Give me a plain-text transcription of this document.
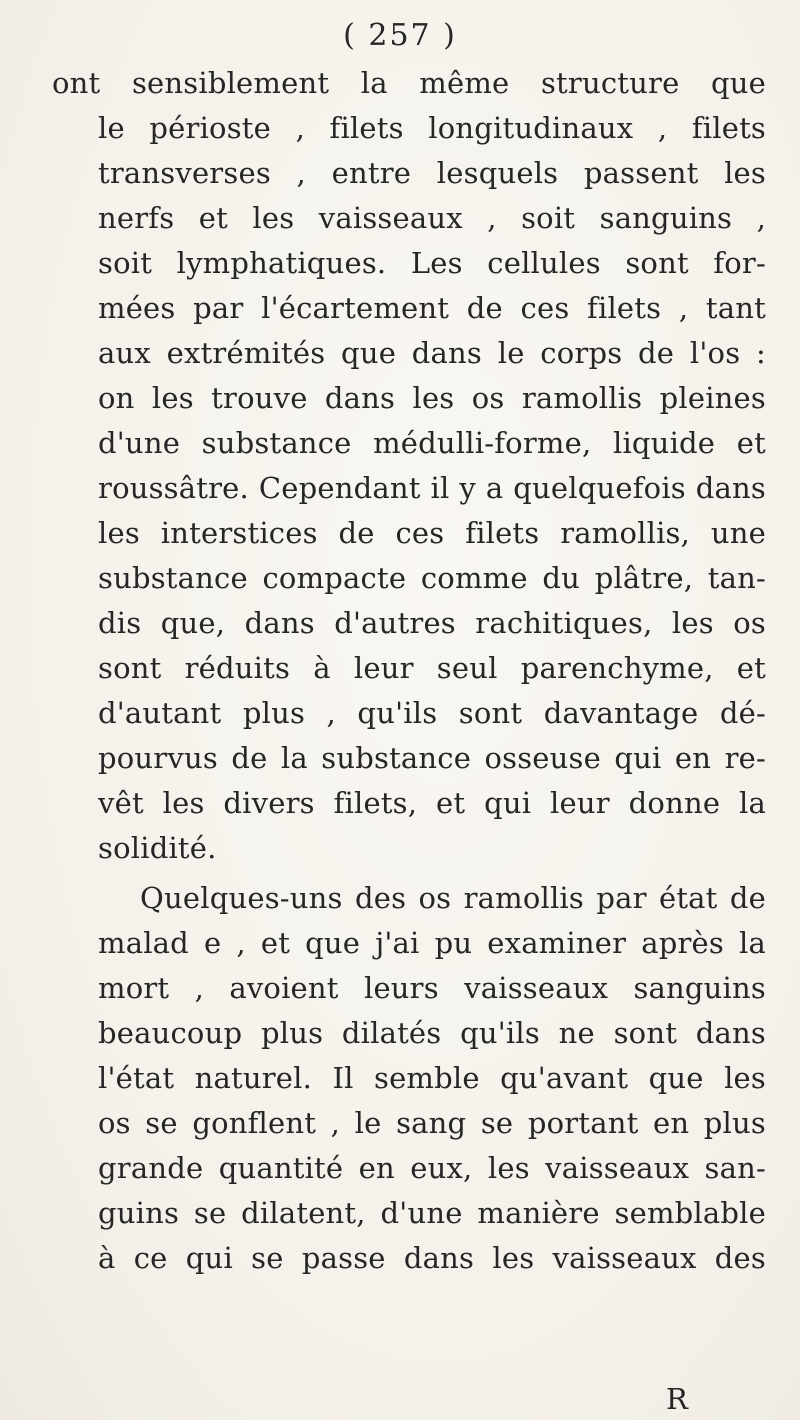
( 257 )
ont sensiblement la même structure que
le périoste , filets longitudinaux , filets
transverses , entre lesquels passent les
nerfs et les vaisseaux , soit sanguins ,
soit lymphatiques. Les cellules sont for-
mées par l'écartement de ces filets , tant
aux extrémités que dans le corps de l'os :
on les trouve dans les os ramollis pleines
d'une substance médulli-forme, liquide et
roussâtre. Cependant il y a quelquefois dans
les interstices de ces filets ramollis, une
substance compacte comme du plâtre, tan-
dis que, dans d'autres rachitiques, les os
sont réduits à leur seul parenchyme, et
d'autant plus , qu'ils sont davantage dé-
pourvus de la substance osseuse qui en re-
vêt les divers filets, et qui leur donne la
solidité.
Quelques-uns des os ramollis par état de
malad e , et que j'ai pu examiner après la
mort , avoient leurs vaisseaux sanguins
beaucoup plus dilatés qu'ils ne sont dans
l'état naturel. Il semble qu'avant que les
os se gonflent , le sang se portant en plus
grande quantité en eux, les vaisseaux san-
guins se dilatent, d'une manière semblable
à ce qui se passe dans les vaisseaux des
R
